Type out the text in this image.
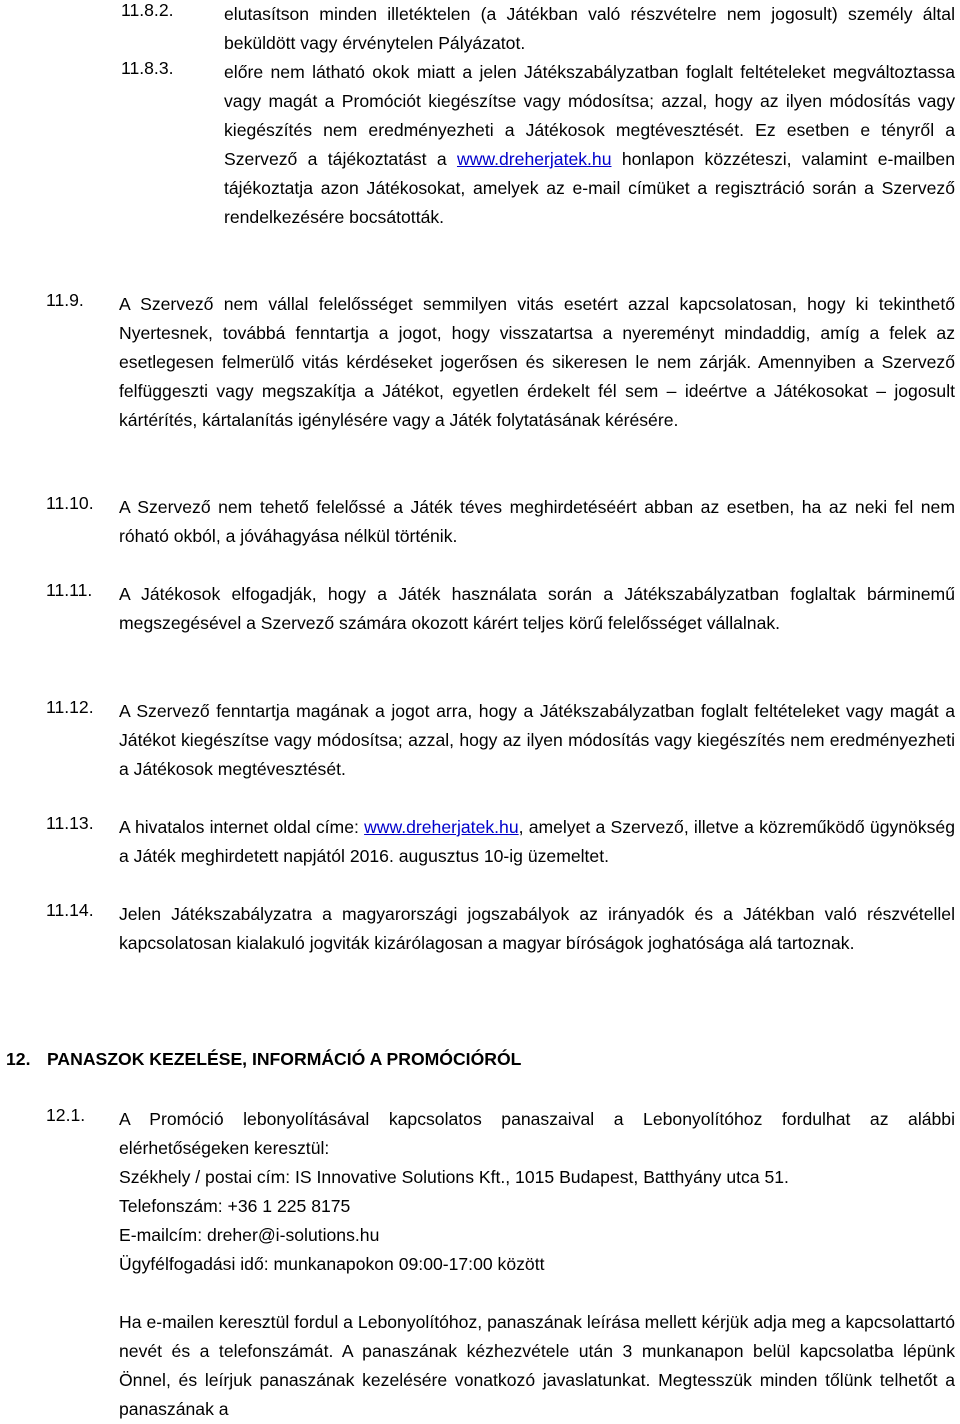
11.8.2.	elutasítson minden illetéktelen (a Játékban való részvételre nem jogosult) személy által beküldött vagy érvénytelen Pályázatot.

11.8.3.	előre nem látható okok miatt a jelen Játékszabályzatban foglalt feltételeket megváltoztassa vagy magát a Promóciót kiegészítse vagy módosítsa; azzal, hogy az ilyen módosítás vagy kiegészítés nem eredményezheti a Játékosok megtévesztését. Ez esetben e tényről a Szervező a tájékoztatást a www.dreherjatek.hu honlapon közzéteszi, valamint e-mailben tájékoztatja azon Játékosokat, amelyek az e-mail címüket a regisztráció során a Szervező rendelkezésére bocsátották.

11.9. A Szervező nem vállal felelősséget semmilyen vitás esetért azzal kapcsolatosan, hogy ki tekinthető Nyertesnek, továbbá fenntartja a jogot, hogy visszatartsa a nyereményt mindaddig, amíg a felek az esetlegesen felmerülő vitás kérdéseket jogerősen és sikeresen le nem zárják. Amennyiben a Szervező felfüggeszti vagy megszakítja a Játékot, egyetlen érdekelt fél sem – ideértve a Játékosokat – jogosult kártérítés, kártalanítás igénylésére vagy a Játék folytatásának kérésére.

11.10. A Szervező nem tehető felelőssé a Játék téves meghirdetéséért abban az esetben, ha az neki fel nem róható okból, a jóváhagyása nélkül történik.

11.11. A Játékosok elfogadják, hogy a Játék használata során a Játékszabályzatban foglaltak bárminemű megszegésével a Szervező számára okozott kárért teljes körű felelősséget vállalnak.

11.12. A Szervező fenntartja magának a jogot arra, hogy a Játékszabályzatban foglalt feltételeket vagy magát a Játékot kiegészítse vagy módosítsa; azzal, hogy az ilyen módosítás vagy kiegészítés nem eredményezheti a Játékosok megtévesztését.

11.13. A hivatalos internet oldal címe: www.dreherjatek.hu, amelyet a Szervező, illetve a közreműködő ügynökség a Játék meghirdetett napjától 2016. augusztus 10-ig üzemeltet.

11.14. Jelen Játékszabályzatra a magyarországi jogszabályok az irányadók és a Játékban való részvétellel kapcsolatosan kialakuló jogviták kizárólagosan a magyar bíróságok joghatósága alá tartoznak.

12. PANASZOK KEZELÉSE, INFORMÁCIÓ A PROMÓCIÓRÓL
12.1. A Promóció lebonyolításával kapcsolatos panaszaival a Lebonyolítóhoz fordulhat az alábbi elérhetőségeken keresztül:

Székhely / postai cím: IS Innovative Solutions Kft., 1015 Budapest, Batthyány utca 51.

Telefonszám: +36 1 225 8175

E-mailcím: dreher@i-solutions.hu

Ügyfélfogadási idő: munkanapokon 09:00-17:00 között

Ha e-mailen keresztül fordul a Lebonyolítóhoz, panaszának leírása mellett kérjük adja meg a kapcsolattartó nevét és a telefonszámát. A panaszának kézhezvétele után 3 munkanapon belül kapcsolatba lépünk Önnel, és leírjuk panaszának kezelésére vonatkozó javaslatunkat. Megtesszük minden tőlünk telhetőt a panaszának a
